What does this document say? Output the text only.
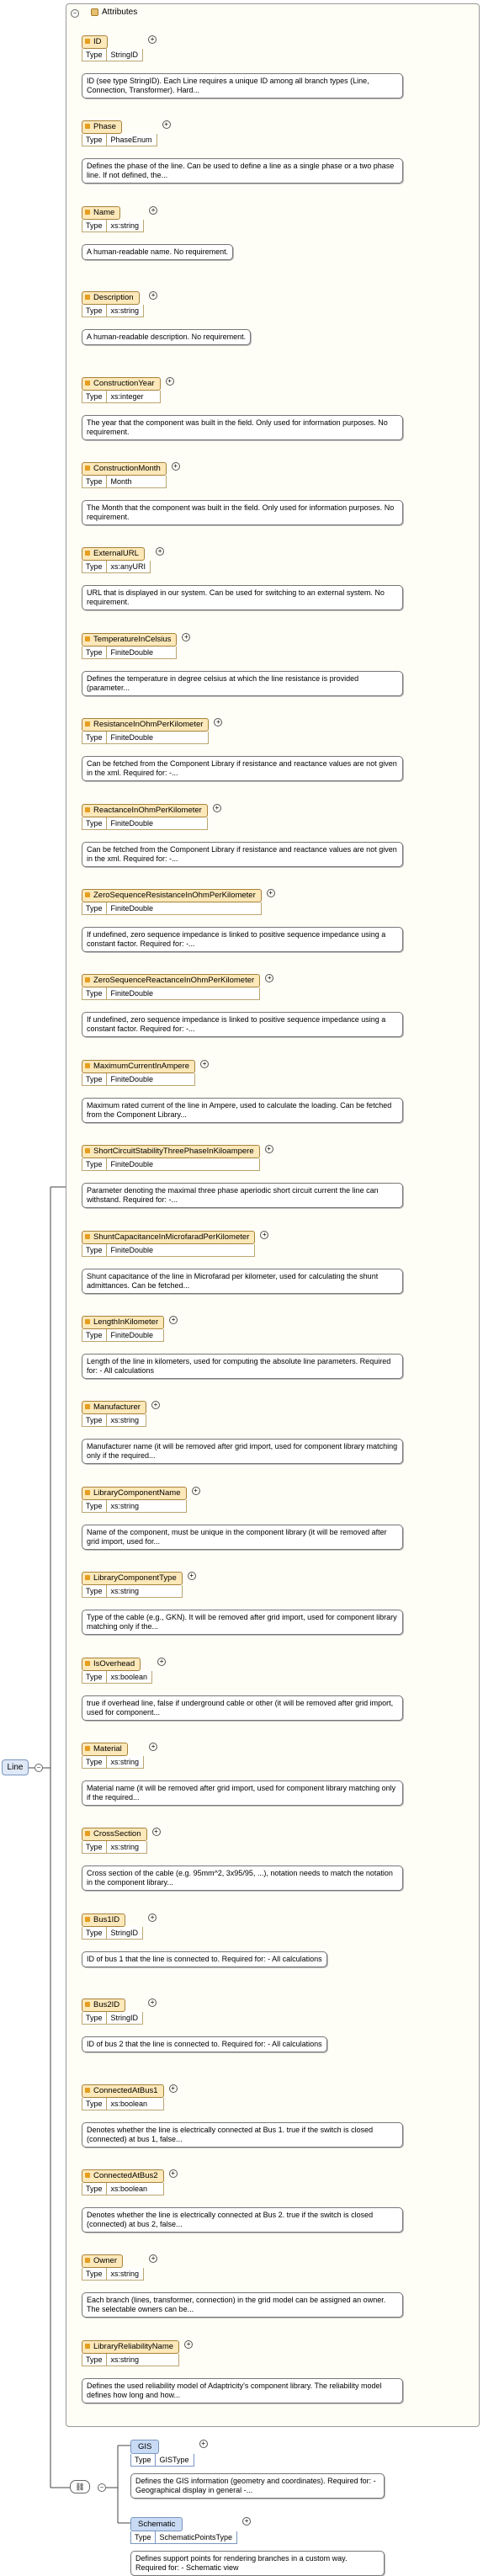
Line	−
−	Attributes
ID
Type StringID
+
ID (see type StringID). Each Line requires a unique ID among all branch types (Line, Connection, Transformer). Hard...
Phase
Type PhaseEnum
+
Defines the phase of the line. Can be used to define a line as a single phase or a two phase line. If not defined, the...
Name
Type xs:string
+
A human-readable name. No requirement.
Description
Type xs:string
+
A human-readable description. No requirement.
ConstructionYear
Type xs:integer
+
The year that the component was built in the field. Only used for information purposes. No requirement.
ConstructionMonth
Type Month
+
The Month that the component was built in the field. Only used for information purposes. No requirement.
ExternalURL
Type xs:anyURI
+
URL that is displayed in our system. Can be used for switching to an external system. No requirement.
TemperatureInCelsius
Type FiniteDouble
+
Defines the temperature in degree celsius at which the line resistance is provided (parameter...
ResistanceInOhmPerKilometer
Type FiniteDouble
+
Can be fetched from the Component Library if resistance and reactance values are not given in the xml. Required for: -...
ReactanceInOhmPerKilometer
Type FiniteDouble
+
Can be fetched from the Component Library if resistance and reactance values are not given in the xml. Required for: -...
ZeroSequenceResistanceInOhmPerKilometer
Type FiniteDouble
+
If undefined, zero sequence impedance is linked to positive sequence impedance using a constant factor. Required for: -...
ZeroSequenceReactanceInOhmPerKilometer
Type FiniteDouble
+
If undefined, zero sequence impedance is linked to positive sequence impedance using a constant factor. Required for: -...
MaximumCurrentInAmpere
Type FiniteDouble
+
Maximum rated current of the line in Ampere, used to calculate the loading. Can be fetched from the Component Library...
ShortCircuitStabilityThreePhaseInKiloampere
Type FiniteDouble
+
Parameter denoting the maximal three phase aperiodic short circuit current the line can withstand. Required for: -...
ShuntCapacitanceInMicrofaradPerKilometer
Type FiniteDouble
+
Shunt capacitance of the line in Microfarad per kilometer, used for calculating the shunt admittances. Can be fetched...
LengthInKilometer
Type FiniteDouble
+
Length of the line in kilometers, used for computing the absolute line parameters. Required for: - All calculations
Manufacturer
Type xs:string
+
Manufacturer name (it will be removed after grid import, used for component library matching only if the required...
LibraryComponentName
Type xs:string
+
Name of the component, must be unique in the component library (it will be removed after grid import, used for...
LibraryComponentType
Type xs:string
+
Type of the cable (e.g., GKN). It will be removed after grid import, used for component library matching only if the...
IsOverhead
Type xs:boolean
+
true if overhead line, false if underground cable or other (it will be removed after grid import, used for component...
Material
Type xs:string
+
Material name (it will be removed after grid import, used for component library matching only if the required...
CrossSection
Type xs:string
+
Cross section of the cable (e.g. 95mm^2, 3x95/95, ...), notation needs to match the notation in the component library...
Bus1ID
Type StringID
+
ID of bus 1 that the line is connected to. Required for: - All calculations
Bus2ID
Type StringID
+
ID of bus 2 that the line is connected to. Required for: - All calculations
ConnectedAtBus1
Type xs:boolean
+
Denotes whether the line is electrically connected at Bus 1. true if the switch is closed (connected) at bus 1, false...
ConnectedAtBus2
Type xs:boolean
+
Denotes whether the line is electrically connected at Bus 2. true if the switch is closed (connected) at bus 2, false...
Owner
Type xs:string
+
Each branch (lines, transformer, connection) in the grid model can be assigned an owner. The selectable owners can be...
LibraryReliabilityName
Type xs:string
+
Defines the used reliability model of Adaptricity's component library. The reliability model defines how long and how...
⛓	−
GIS
Type GISType
+
Defines the GIS information (geometry and coordinates). Required for: - Geographical display in general -...
Schematic
Type SchematicPointsType
+
Defines support points for rendering branches in a custom way. Required for: - Schematic view
